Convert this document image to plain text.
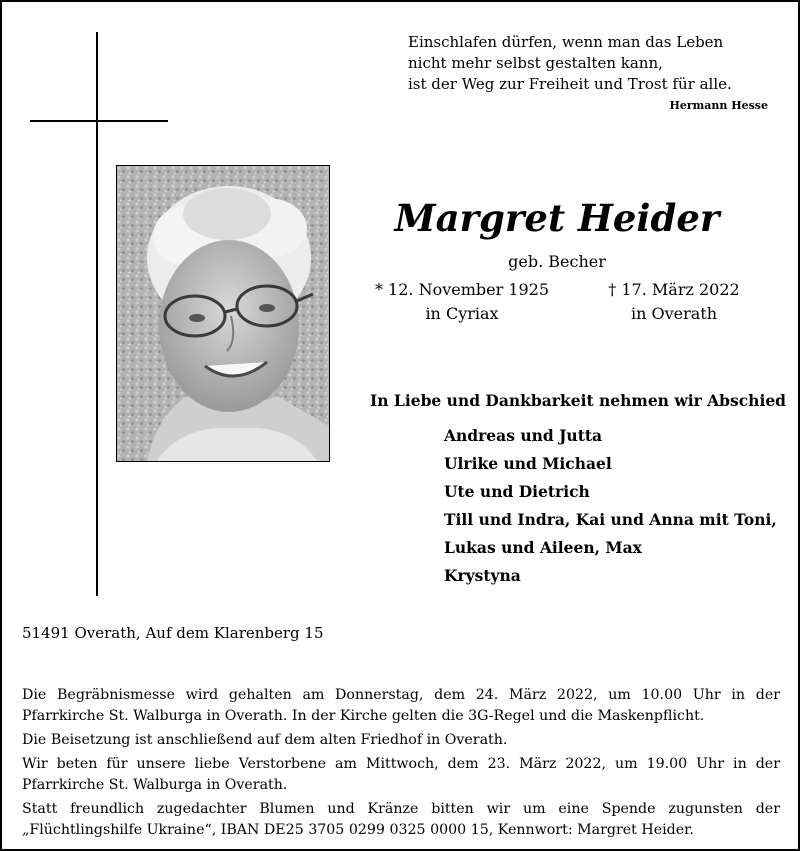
Einschlafen dürfen, wenn man das Leben
nicht mehr selbst gestalten kann,
ist der Weg zur Freiheit und Trost für alle.
Hermann Hesse
Margret Heider
geb. Becher
* 12. November 1925
in Cyriax
† 17. März 2022
in Overath
In Liebe und Dankbarkeit nehmen wir Abschied
Andreas und Jutta
Ulrike und Michael
Ute und Dietrich
Till und Indra, Kai und Anna mit Toni,
Lukas und Aileen, Max
Krystyna
51491 Overath, Auf dem Klarenberg 15

Die Begräbnismesse wird gehalten am Donnerstag, dem 24. März 2022, um 10.00 Uhr in der Pfarrkirche St. Walburga in Overath. In der Kirche gelten die 3G-Regel und die Maskenpflicht.

Die Beisetzung ist anschließend auf dem alten Friedhof in Overath.

Wir beten für unsere liebe Verstorbene am Mittwoch, dem 23. März 2022, um 19.00 Uhr in der Pfarrkirche St. Walburga in Overath.

Statt freundlich zugedachter Blumen und Kränze bitten wir um eine Spende zugunsten der „Flüchtlingshilfe Ukraine“, IBAN DE25 3705 0299 0325 0000 15, Kennwort: Margret Heider.
